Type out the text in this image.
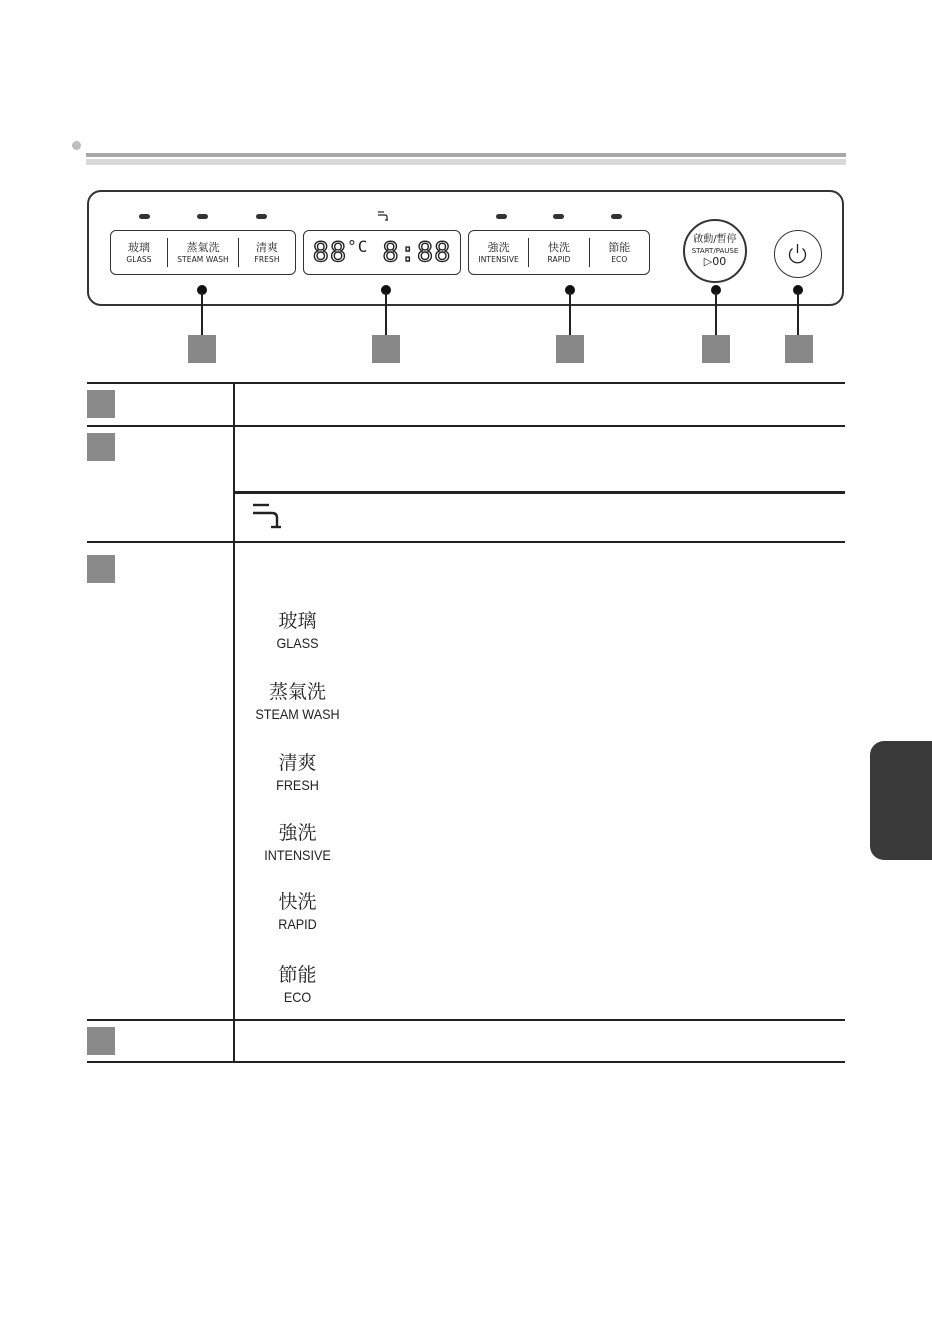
玻璃
GLASS
蒸氣洗
STEAM WASH
清爽
FRESH 88 °C 8:88	強洗
INTENSIVE
快洗
RAPID
節能
ECO
啟動/暫停
START/PAUSE
▷00
玻璃
GLASS
蒸氣洗
STEAM WASH
清爽
FRESH
強洗
INTENSIVE
快洗
RAPID
節能
ECO
